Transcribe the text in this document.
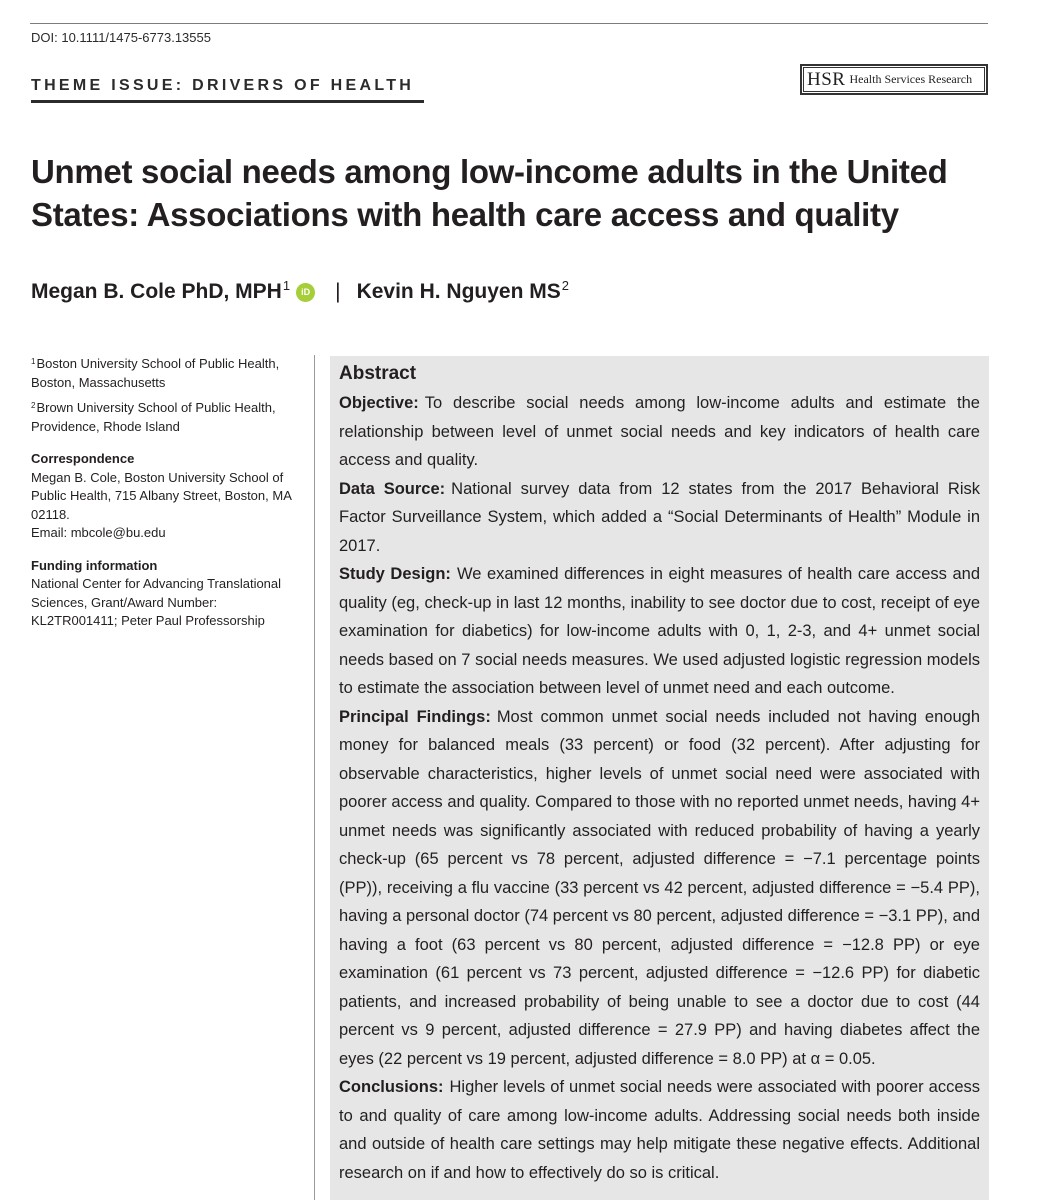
DOI: 10.1111/1475-6773.13555
THEME ISSUE: DRIVERS OF HEALTH	HSR Health Services Research
Unmet social needs among low-income adults in the United States: Associations with health care access and quality
Megan B. Cole PhD, MPH$^1$ iD | Kevin H. Nguyen $MS^2$
$^1$Boston University School of Public Health, Boston, Massachusetts
$^2$Brown University School of Public Health, Providence, Rhode Island
Correspondence
Megan B. Cole, Boston University School of Public Health, 715 Albany Street, Boston, MA 02118.
Email: mbcole@bu.edu
Funding information
National Center for Advancing Translational Sciences, Grant/Award Number: KL2TR001411; Peter Paul Professorship
Abstract

Objective: To describe social needs among low-income adults and estimate the relationship between level of unmet social needs and key indicators of health care access and quality.

Data Source: National survey data from 12 states from the 2017 Behavioral Risk Factor Surveillance System, which added a “Social Determinants of Health” Module in 2017.

Study Design: We examined differences in eight measures of health care access and quality (eg, check-up in last 12 months, inability to see doctor due to cost, receipt of eye examination for diabetics) for low-income adults with 0, 1, 2-3, and 4+ unmet social needs based on 7 social needs measures. We used adjusted logistic regression models to estimate the association between level of unmet need and each outcome.

Principal Findings: Most common unmet social needs included not having enough money for balanced meals (33 percent) or food (32 percent). After adjusting for observable characteristics, higher levels of unmet social need were associated with poorer access and quality. Compared to those with no reported unmet needs, having 4+ unmet needs was significantly associated with reduced probability of having a yearly check-up (65 percent vs 78 percent, adjusted difference = −7.1 percentage points (PP)), receiving a flu vaccine (33 percent vs 42 percent, adjusted difference = −5.4 PP), having a personal doctor (74 percent vs 80 percent, adjusted difference = −3.1 PP), and having a foot (63 percent vs 80 percent, adjusted difference = −12.8 PP) or eye examination (61 percent vs 73 percent, adjusted difference = −12.6 PP) for diabetic patients, and increased probability of being unable to see a doctor due to cost (44 percent vs 9 percent, adjusted difference = 27.9 PP) and having diabetes affect the eyes (22 percent vs 19 percent, adjusted difference = 8.0 PP) at α = 0.05.

Conclusions: Higher levels of unmet social needs were associated with poorer access to and quality of care among low-income adults. Addressing social needs both inside and outside of health care settings may help mitigate these negative effects. Additional research on if and how to effectively do so is critical.
